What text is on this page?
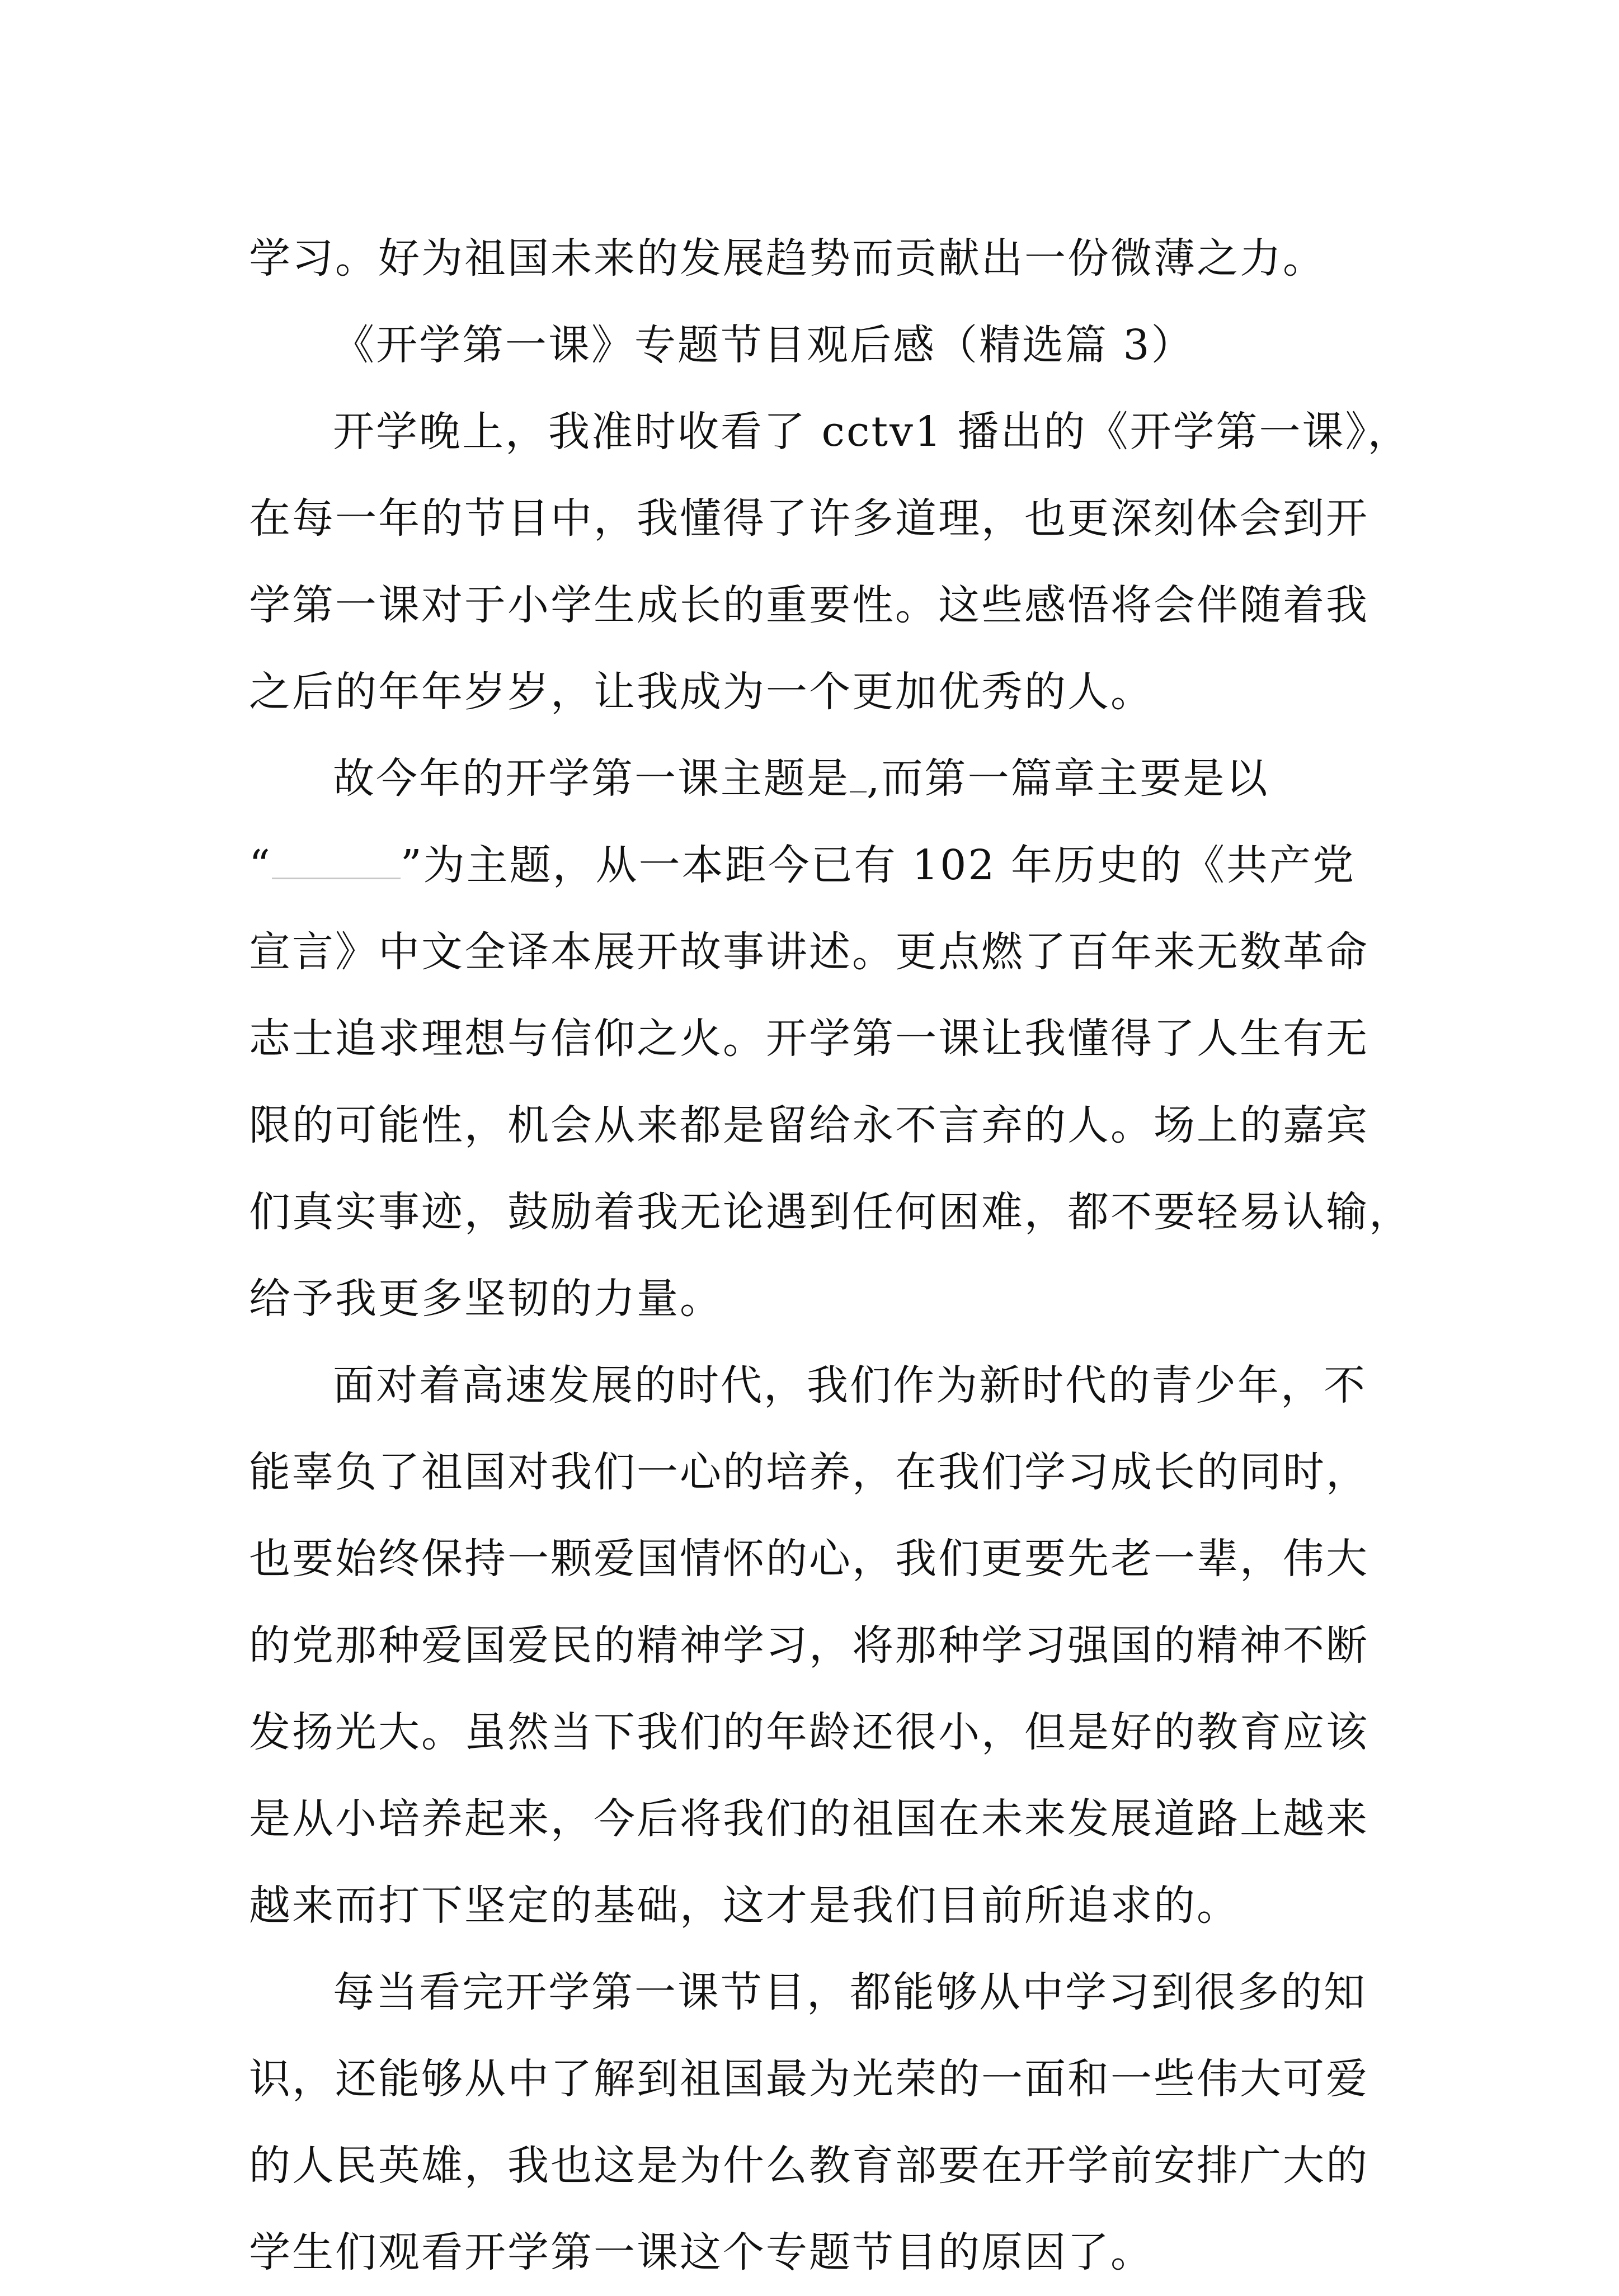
学习。好为祖国未来的发展趋势而贡献出一份微薄之力。
《开学第一课》专题节目观后感（精选篇 3）
开学晚上，我准时收看了 cctv1 播出的《开学第一课》，
在每一年的节目中，我懂得了许多道理，也更深刻体会到开
学第一课对于小学生成长的重要性。这些感悟将会伴随着我
之后的年年岁岁，让我成为一个更加优秀的人。
故今年的开学第一课主题是 ,而第一篇章主要是以
“	”为主题，从一本距今已有 102 年历史的《共产党
宣言》中文全译本展开故事讲述。更点燃了百年来无数革命
志士追求理想与信仰之火。开学第一课让我懂得了人生有无
限的可能性，机会从来都是留给永不言弃的人。场上的嘉宾
们真实事迹，鼓励着我无论遇到任何困难，都不要轻易认输，
给予我更多坚韧的力量。
面对着高速发展的时代，我们作为新时代的青少年，不
能辜负了祖国对我们一心的培养，在我们学习成长的同时，
也要始终保持一颗爱国情怀的心，我们更要先老一辈，伟大
的党那种爱国爱民的精神学习，将那种学习强国的精神不断
发扬光大。虽然当下我们的年龄还很小，但是好的教育应该
是从小培养起来，今后将我们的祖国在未来发展道路上越来
越来而打下坚定的基础，这才是我们目前所追求的。
每当看完开学第一课节目，都能够从中学习到很多的知
识，还能够从中了解到祖国最为光荣的一面和一些伟大可爱
的人民英雄，我也这是为什么教育部要在开学前安排广大的
学生们观看开学第一课这个专题节目的原因了。
